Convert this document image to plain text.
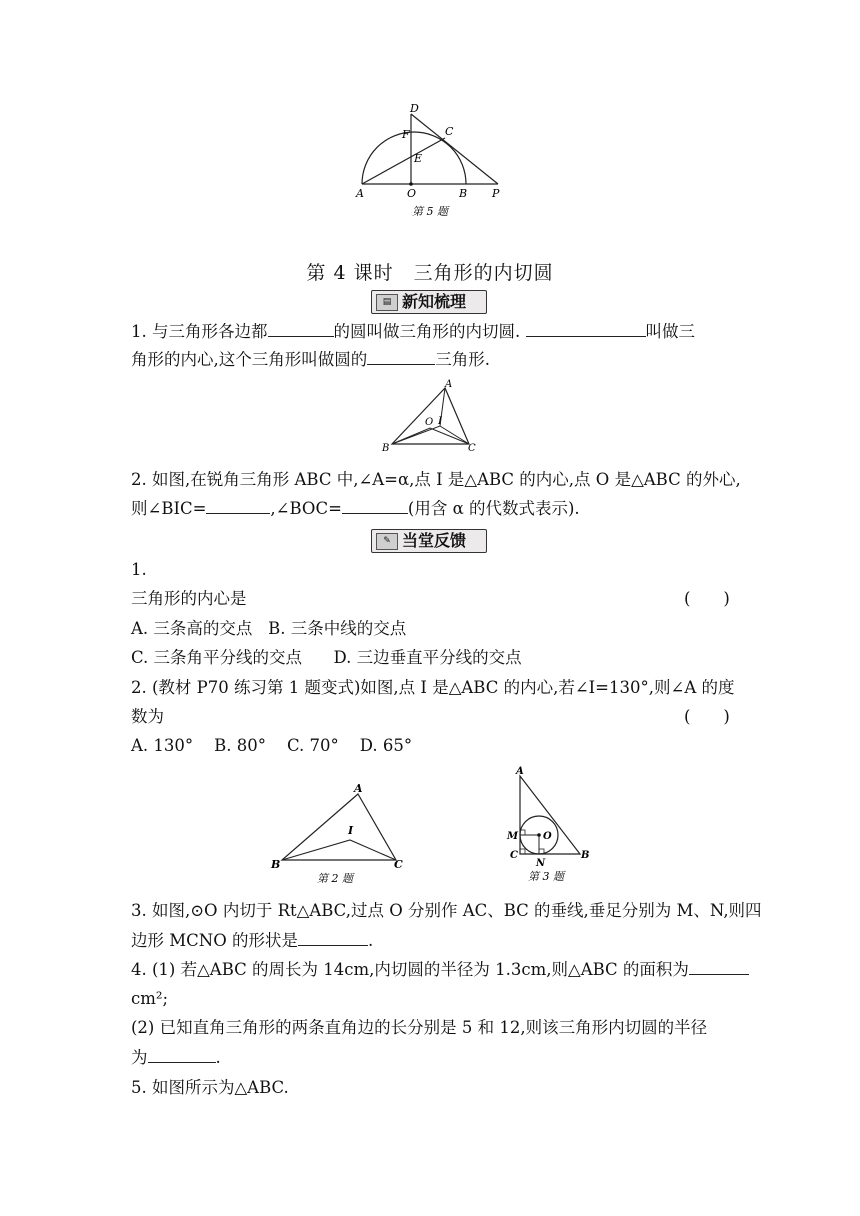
D
F	C
E
A	O	B P
第 5 题
第 4 课时　三角形的内切圆
▤ 新知梳理
1. 与三角形各边都	的圆叫做三角形的内切圆.	叫做三
角形的内心,这个三角形叫做圆的	三角形.
A
O I
B	C
2. 如图,在锐角三角形 ABC 中,∠A=α,点 I 是△ABC 的内心,点 O 是△ABC 的外心,
则∠BIC=	,∠BOC=	(用含 α 的代数式表示).
✎ 当堂反馈
1.
三角形的内心是	(　　)
A. 三条高的交点 B. 三条中线的交点
C. 三条角平分线的交点 D. 三边垂直平分线的交点
2. (教材 P70 练习第 1 题变式)如图,点 I 是△ABC 的内心,若∠I=130°,则∠A 的度
数为	(　　)
A. 130° B. 80° C. 70° D. 65°
A
I
B	C
第 2 题
A
M O
C
N
B
第 3 题
3. 如图,⊙O 内切于 Rt△ABC,过点 O 分别作 AC、BC 的垂线,垂足分别为 M、N,则四
边形 MCNO 的形状是	.
4. (1) 若△ABC 的周长为 14cm,内切圆的半径为 1.3cm,则△ABC 的面积为
cm²;
(2) 已知直角三角形的两条直角边的长分别是 5 和 12,则该三角形内切圆的半径
为	.
5. 如图所示为△ABC.
